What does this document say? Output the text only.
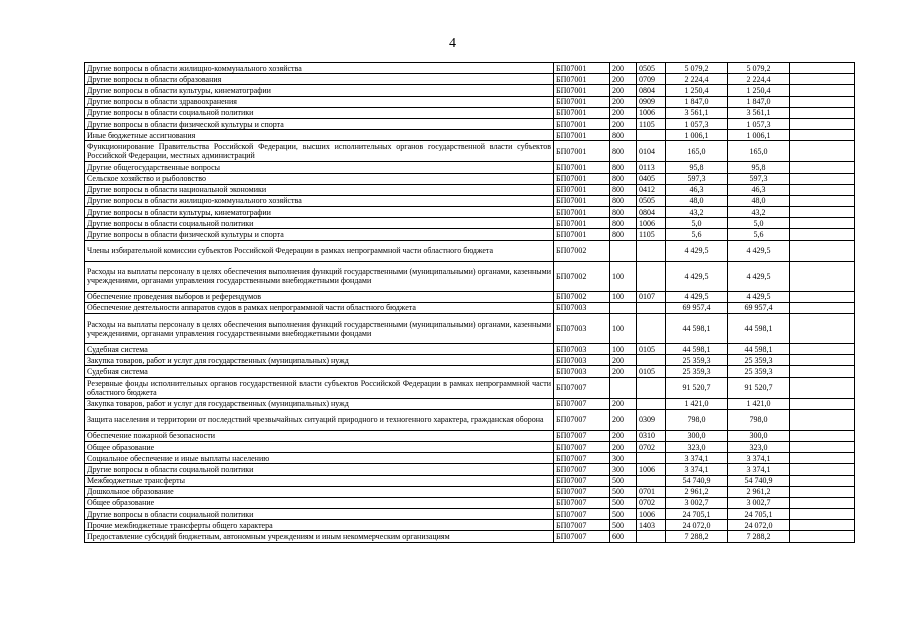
4
Другие вопросы в области жилищно-коммунального хозяйства	БП07001	200	0505	5 079,2	5 079,2	
Другие вопросы в области образования	БП07001	200	0709	2 224,4	2 224,4	
Другие вопросы в области культуры, кинематографии	БП07001	200	0804	1 250,4	1 250,4	
Другие вопросы в области здравоохранения	БП07001	200	0909	1 847,0	1 847,0	
Другие вопросы в области социальной политики	БП07001	200	1006	3 561,1	3 561,1	
Другие вопросы в области физической культуры и спорта	БП07001	200	1105	1 057,3	1 057,3	
Иные бюджетные ассигнования	БП07001	800		1 006,1	1 006,1	
Функционирование Правительства Российской Федерации, высших исполнительных органов государственной власти субъектов Российской Федерации, местных администраций	БП07001	800	0104	165,0	165,0	
Другие общегосударственные вопросы	БП07001	800	0113	95,8	95,8	
Сельское хозяйство и рыболовство	БП07001	800	0405	597,3	597,3	
Другие вопросы в области национальной экономики	БП07001	800	0412	46,3	46,3	
Другие вопросы в области жилищно-коммунального хозяйства	БП07001	800	0505	48,0	48,0	
Другие вопросы в области культуры, кинематографии	БП07001	800	0804	43,2	43,2	
Другие вопросы в области социальной политики	БП07001	800	1006	5,0	5,0	
Другие вопросы в области физической культуры и спорта	БП07001	800	1105	5,6	5,6	
Члены избирательной комиссии субъектов Российской Федерации в рамках непрограммной части областного бюджета	БП07002			4 429,5	4 429,5	
Расходы на выплаты персоналу в целях обеспечения выполнения функций государственными (муниципальными) органами, казенными учреждениями, органами управления государственными внебюджетными фондами	БП07002	100		4 429,5	4 429,5	
Обеспечение проведения выборов и референдумов	БП07002	100	0107	4 429,5	4 429,5	
Обеспечение деятельности аппаратов судов в рамках непрограммной части областного бюджета	БП07003			69 957,4	69 957,4	
Расходы на выплаты персоналу в целях обеспечения выполнения функций государственными (муниципальными) органами, казенными учреждениями, органами управления государственными внебюджетными фондами	БП07003	100		44 598,1	44 598,1	
Судебная система	БП07003	100	0105	44 598,1	44 598,1	
Закупка товаров, работ и услуг для государственных (муниципальных) нужд	БП07003	200		25 359,3	25 359,3	
Судебная система	БП07003	200	0105	25 359,3	25 359,3	
Резервные фонды исполнительных органов государственной власти субъектов Российской Федерации в рамках непрограммной части областного бюджета	БП07007			91 520,7	91 520,7	
Закупка товаров, работ и услуг для государственных (муниципальных) нужд	БП07007	200		1 421,0	1 421,0	
Защита населения и территории от последствий чрезвычайных ситуаций природного и техногенного характера, гражданская оборона	БП07007	200	0309	798,0	798,0	
Обеспечение пожарной безопасности	БП07007	200	0310	300,0	300,0	
Общее образование	БП07007	200	0702	323,0	323,0	
Социальное обеспечение и иные выплаты населению	БП07007	300		3 374,1	3 374,1	
Другие вопросы в области социальной политики	БП07007	300	1006	3 374,1	3 374,1	
Межбюджетные трансферты	БП07007	500		54 740,9	54 740,9	
Дошкольное образование	БП07007	500	0701	2 961,2	2 961,2	
Общее образование	БП07007	500	0702	3 002,7	3 002,7	
Другие вопросы в области социальной политики	БП07007	500	1006	24 705,1	24 705,1	
Прочие межбюджетные трансферты общего характера	БП07007	500	1403	24 072,0	24 072,0	
Предоставление субсидий бюджетным, автономным учреждениям и иным некоммерческим организациям	БП07007	600		7 288,2	7 288,2	
